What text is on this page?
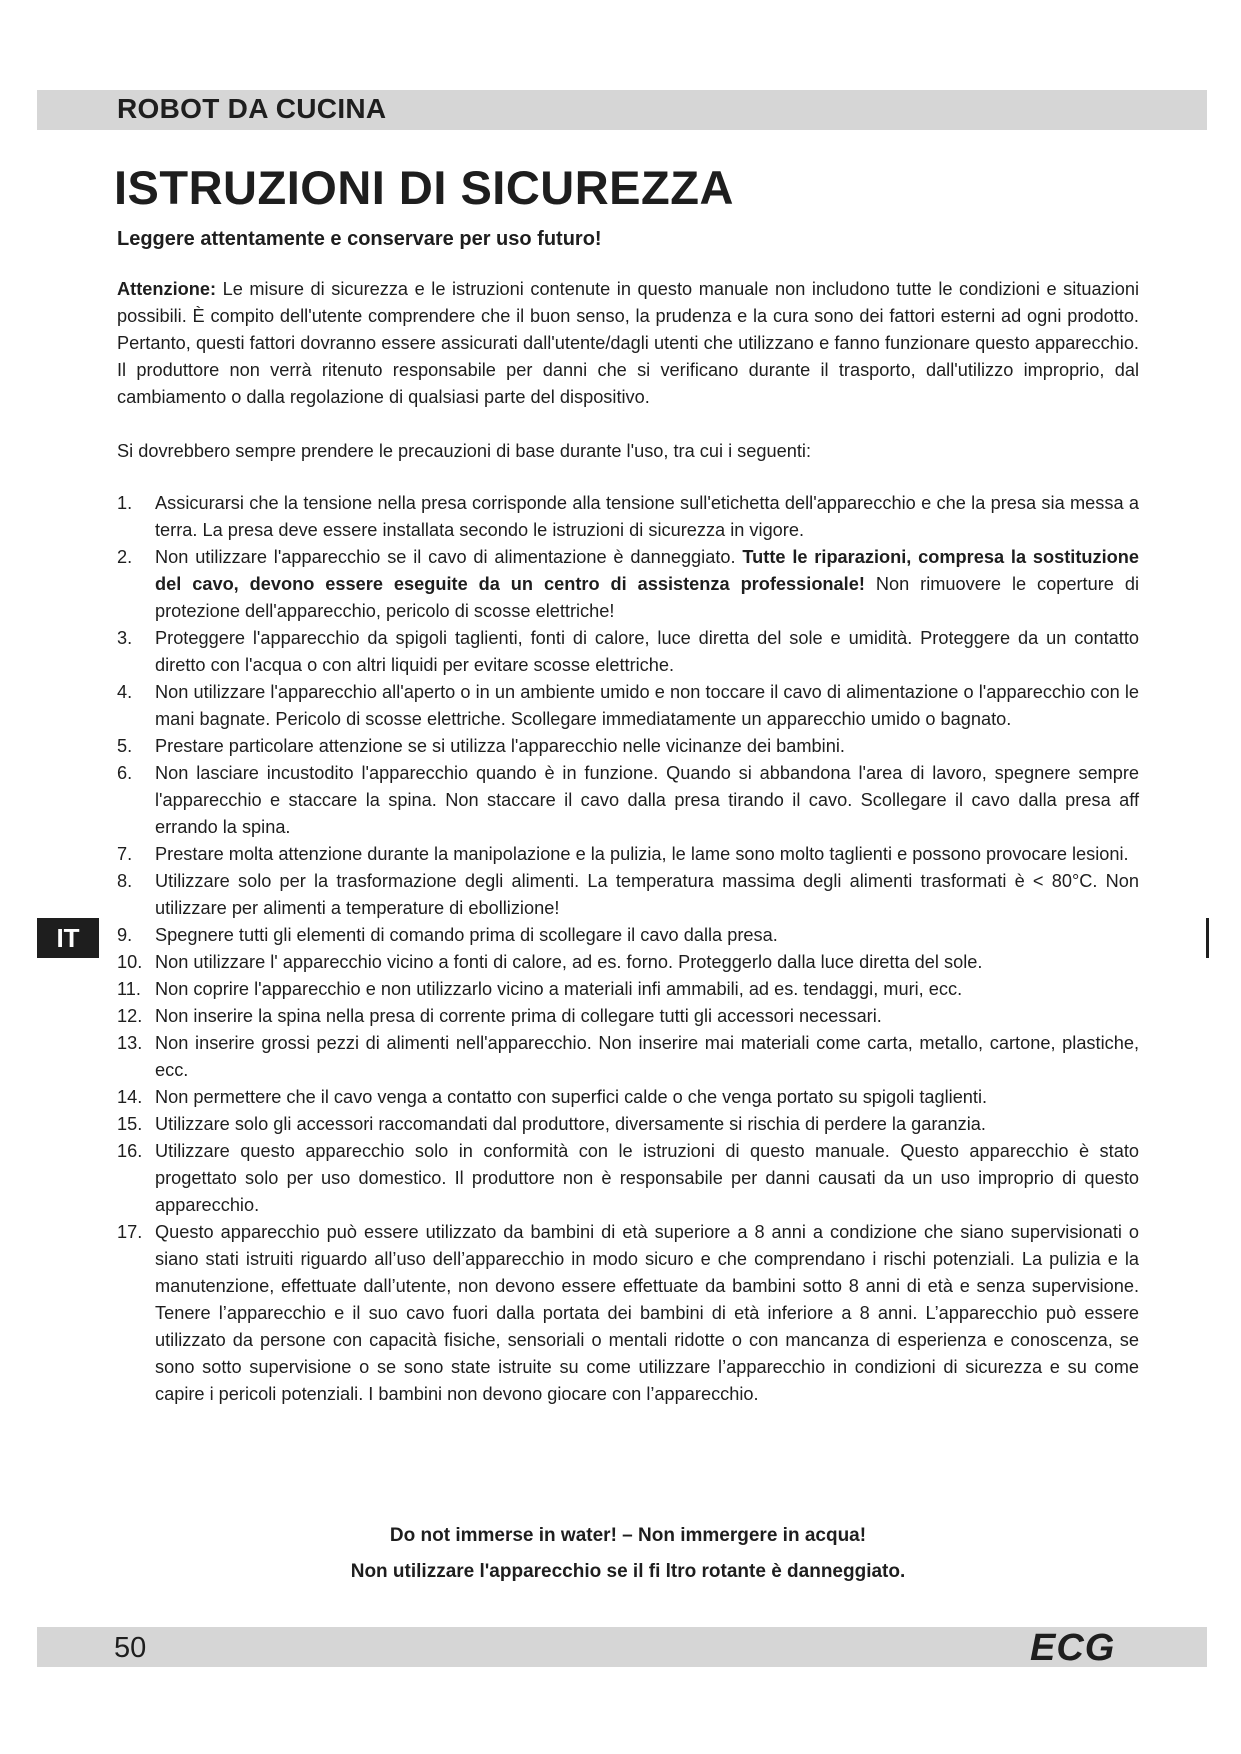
ROBOT DA CUCINA
ISTRUZIONI DI SICUREZZA

Leggere attentamente e conservare per uso futuro!

Attenzione: Le misure di sicurezza e le istruzioni contenute in questo manuale non includono tutte le condizioni e situazioni possibili. È compito dell'utente comprendere che il buon senso, la prudenza e la cura sono dei fattori esterni ad ogni prodotto. Pertanto, questi fattori dovranno essere assicurati dall'utente/dagli utenti che utilizzano e fanno funzionare questo apparecchio. Il produttore non verrà ritenuto responsabile per danni che si verificano durante il trasporto, dall'utilizzo improprio, dal cambiamento o dalla regolazione di qualsiasi parte del dispositivo.

Si dovrebbero sempre prendere le precauzioni di base durante l'uso, tra cui i seguenti:

1. Assicurarsi che la tensione nella presa corrisponde alla tensione sull'etichetta dell'apparecchio e che la presa sia messa a terra. La presa deve essere installata secondo le istruzioni di sicurezza in vigore.
2. Non utilizzare l'apparecchio se il cavo di alimentazione è danneggiato. Tutte le riparazioni, compresa la sostituzione del cavo, devono essere eseguite da un centro di assistenza professionale! Non rimuovere le coperture di protezione dell'apparecchio, pericolo di scosse elettriche!
3. Proteggere l'apparecchio da spigoli taglienti, fonti di calore, luce diretta del sole e umidità. Proteggere da un contatto diretto con l'acqua o con altri liquidi per evitare scosse elettriche.
4. Non utilizzare l'apparecchio all'aperto o in un ambiente umido e non toccare il cavo di alimentazione o l'apparecchio con le mani bagnate. Pericolo di scosse elettriche. Scollegare immediatamente un apparecchio umido o bagnato.
5. Prestare particolare attenzione se si utilizza l'apparecchio nelle vicinanze dei bambini.
6. Non lasciare incustodito l'apparecchio quando è in funzione. Quando si abbandona l'area di lavoro, spegnere sempre l'apparecchio e staccare la spina. Non staccare il cavo dalla presa tirando il cavo. Scollegare il cavo dalla presa aff errando la spina.
7. Prestare molta attenzione durante la manipolazione e la pulizia, le lame sono molto taglienti e possono provocare lesioni.
8. Utilizzare solo per la trasformazione degli alimenti. La temperatura massima degli alimenti trasformati è < 80°C. Non utilizzare per alimenti a temperature di ebollizione!
9. Spegnere tutti gli elementi di comando prima di scollegare il cavo dalla presa.
10. Non utilizzare l' apparecchio vicino a fonti di calore, ad es. forno. Proteggerlo dalla luce diretta del sole.
11. Non coprire l'apparecchio e non utilizzarlo vicino a materiali infi ammabili, ad es. tendaggi, muri, ecc.
12. Non inserire la spina nella presa di corrente prima di collegare tutti gli accessori necessari.
13. Non inserire grossi pezzi di alimenti nell'apparecchio. Non inserire mai materiali come carta, metallo, cartone, plastiche, ecc.
14. Non permettere che il cavo venga a contatto con superfici calde o che venga portato su spigoli taglienti.
15. Utilizzare solo gli accessori raccomandati dal produttore, diversamente si rischia di perdere la garanzia.
16. Utilizzare questo apparecchio solo in conformità con le istruzioni di questo manuale. Questo apparecchio è stato progettato solo per uso domestico. Il produttore non è responsabile per danni causati da un uso improprio di questo apparecchio.
17. Questo apparecchio può essere utilizzato da bambini di età superiore a 8 anni a condizione che siano supervisionati o siano stati istruiti riguardo all’uso dell’apparecchio in modo sicuro e che comprendano i rischi potenziali. La pulizia e la manutenzione, effettuate dall’utente, non devono essere effettuate da bambini sotto 8 anni di età e senza supervisione. Tenere l’apparecchio e il suo cavo fuori dalla portata dei bambini di età inferiore a 8 anni. L’apparecchio può essere utilizzato da persone con capacità fisiche, sensoriali o mentali ridotte o con mancanza di esperienza e conoscenza, se sono sotto supervisione o se sono state istruite su come utilizzare l’apparecchio in condizioni di sicurezza e su come capire i pericoli potenziali. I bambini non devono giocare con l’apparecchio.

Do not immerse in water! – Non immergere in acqua!

Non utilizzare l'apparecchio se il fi ltro rotante è danneggiato.

IT
50	ECG
